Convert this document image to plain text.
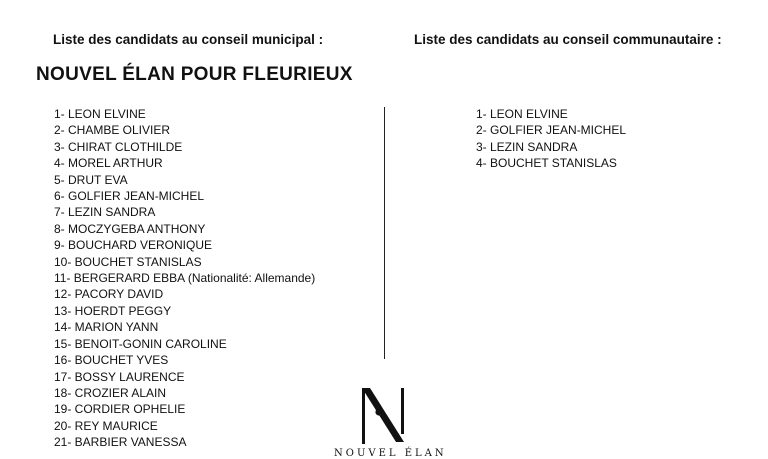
Liste des candidats au conseil municipal :	Liste des candidats au conseil communautaire :
NOUVEL ÉLAN POUR FLEURIEUX
1- LEON ELVINE
2- CHAMBE OLIVIER
3- CHIRAT CLOTHILDE
4- MOREL ARTHUR
5- DRUT EVA
6- GOLFIER JEAN-MICHEL
7- LEZIN SANDRA
8- MOCZYGEBA ANTHONY
9- BOUCHARD VERONIQUE
10- BOUCHET STANISLAS
11- BERGERARD EBBA (Nationalité: Allemande)
12- PACORY DAVID
13- HOERDT PEGGY
14- MARION YANN
15- BENOIT-GONIN CAROLINE
16- BOUCHET YVES
17- BOSSY LAURENCE
18- CROZIER ALAIN
19- CORDIER OPHELIE
20- REY MAURICE
21- BARBIER VANESSA
1- LEON ELVINE
2- GOLFIER JEAN-MICHEL
3- LEZIN SANDRA
4- BOUCHET STANISLAS
NOUVEL ÉLAN
